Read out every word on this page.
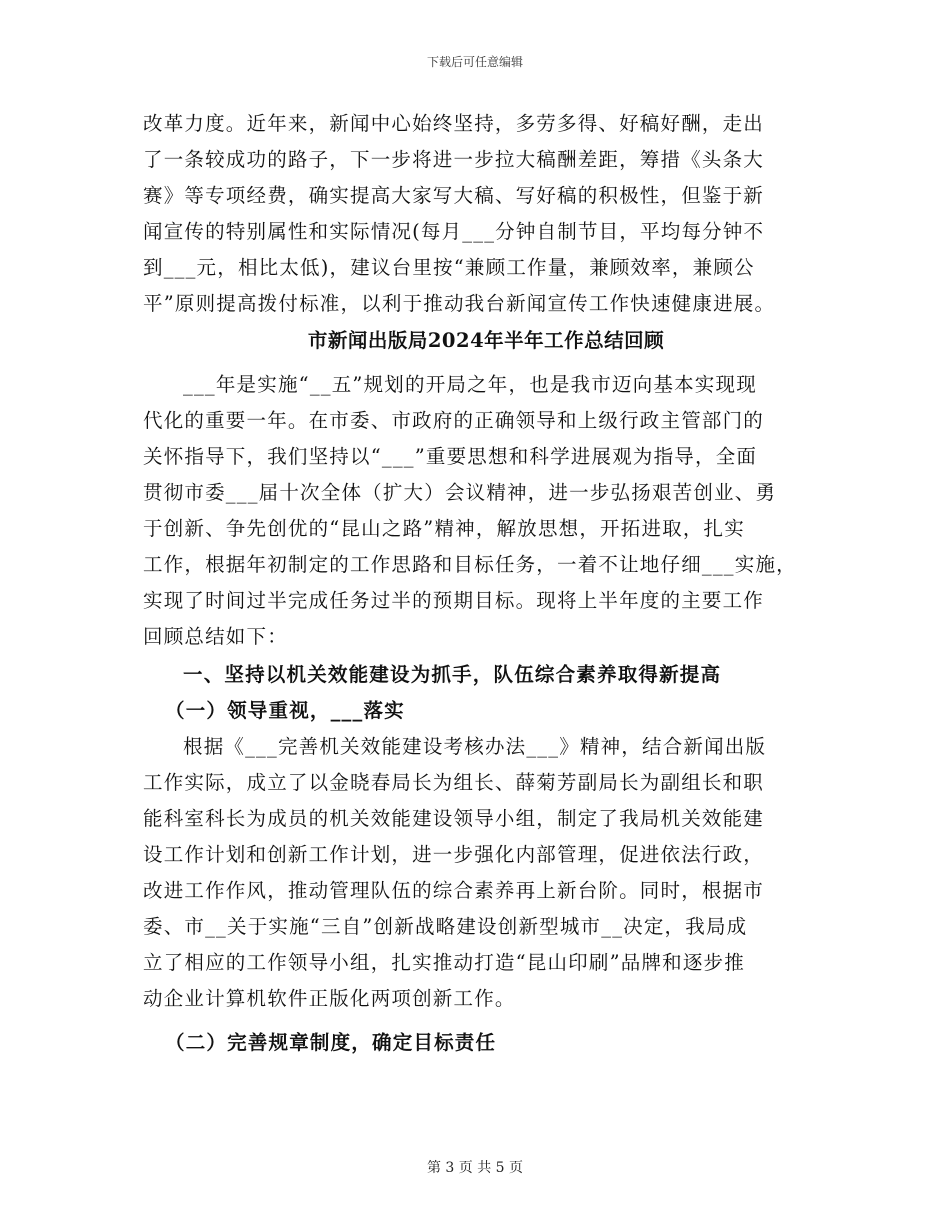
下载后可任意编辑
改革力度。近年来，新闻中心始终坚持，多劳多得、好稿好酬，走出
了一条较成功的路子，下一步将进一步拉大稿酬差距，筹措《头条大
赛》等专项经费，确实提高大家写大稿、写好稿的积极性，但鉴于新
闻宣传的特别属性和实际情况(每月___分钟自制节目，平均每分钟不
到___元，相比太低)，建议台里按“兼顾工作量，兼顾效率，兼顾公
平”原则提高拨付标准，以利于推动我台新闻宣传工作快速健康进展。
市新闻出版局2024年半年工作总结回顾
___年是实施“__五”规划的开局之年，也是我市迈向基本实现现
代化的重要一年。在市委、市政府的正确领导和上级行政主管部门的
关怀指导下，我们坚持以“___”重要思想和科学进展观为指导，全面
贯彻市委___届十次全体（扩大）会议精神，进一步弘扬艰苦创业、勇
于创新、争先创优的“昆山之路”精神，解放思想，开拓进取，扎实
工作，根据年初制定的工作思路和目标任务，一着不让地仔细___实施，
实现了时间过半完成任务过半的预期目标。现将上半年度的主要工作
回顾总结如下：
一、坚持以机关效能建设为抓手，队伍综合素养取得新提高
（一）领导重视，___落实
根据《___完善机关效能建设考核办法___》精神，结合新闻出版
工作实际，成立了以金晓春局长为组长、薛菊芳副局长为副组长和职
能科室科长为成员的机关效能建设领导小组，制定了我局机关效能建
设工作计划和创新工作计划，进一步强化内部管理，促进依法行政，
改进工作作风，推动管理队伍的综合素养再上新台阶。同时，根据市
委、市__关于实施“三自”创新战略建设创新型城市__决定，我局成
立了相应的工作领导小组，扎实推动打造“昆山印刷”品牌和逐步推
动企业计算机软件正版化两项创新工作。
（二）完善规章制度，确定目标责任
第 3 页 共 5 页
